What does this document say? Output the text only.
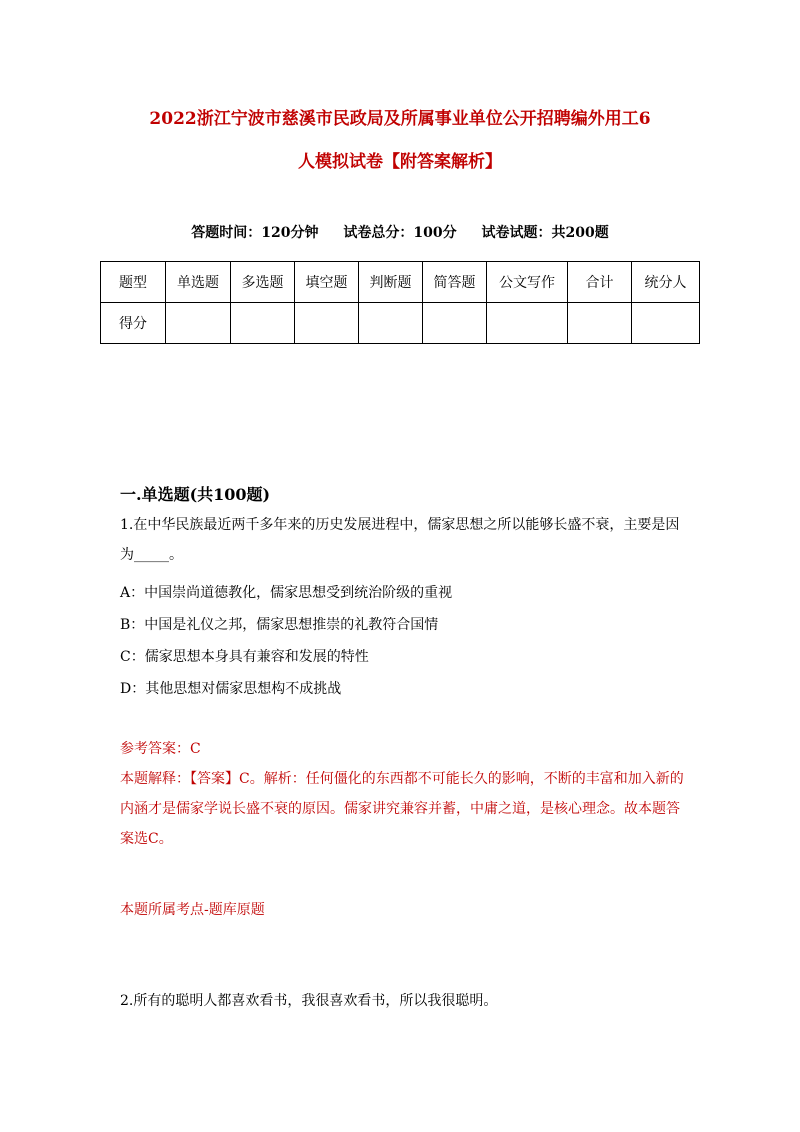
2022浙江宁波市慈溪市民政局及所属事业单位公开招聘编外用工6
人模拟试卷【附答案解析】
答题时间：120分钟 试卷总分：100分 试卷试题：共200题
题型	单选题	多选题	填空题	判断题	简答题	公文写作	合计	统分人
得分								
一.单选题(共100题)
1.在中华民族最近两千多年来的历史发展进程中，儒家思想之所以能够长盛不衰，主要是因为_____。
A：中国崇尚道德教化，儒家思想受到统治阶级的重视
B：中国是礼仪之邦，儒家思想推崇的礼教符合国情
C：儒家思想本身具有兼容和发展的特性
D：其他思想对儒家思想构不成挑战
参考答案：C
本题解释：【答案】C。解析：任何僵化的东西都不可能长久的影响，不断的丰富和加入新的内涵才是儒家学说长盛不衰的原因。儒家讲究兼容并蓄，中庸之道，是核心理念。故本题答案选C。
本题所属考点-题库原题
2.所有的聪明人都喜欢看书，我很喜欢看书，所以我很聪明。
